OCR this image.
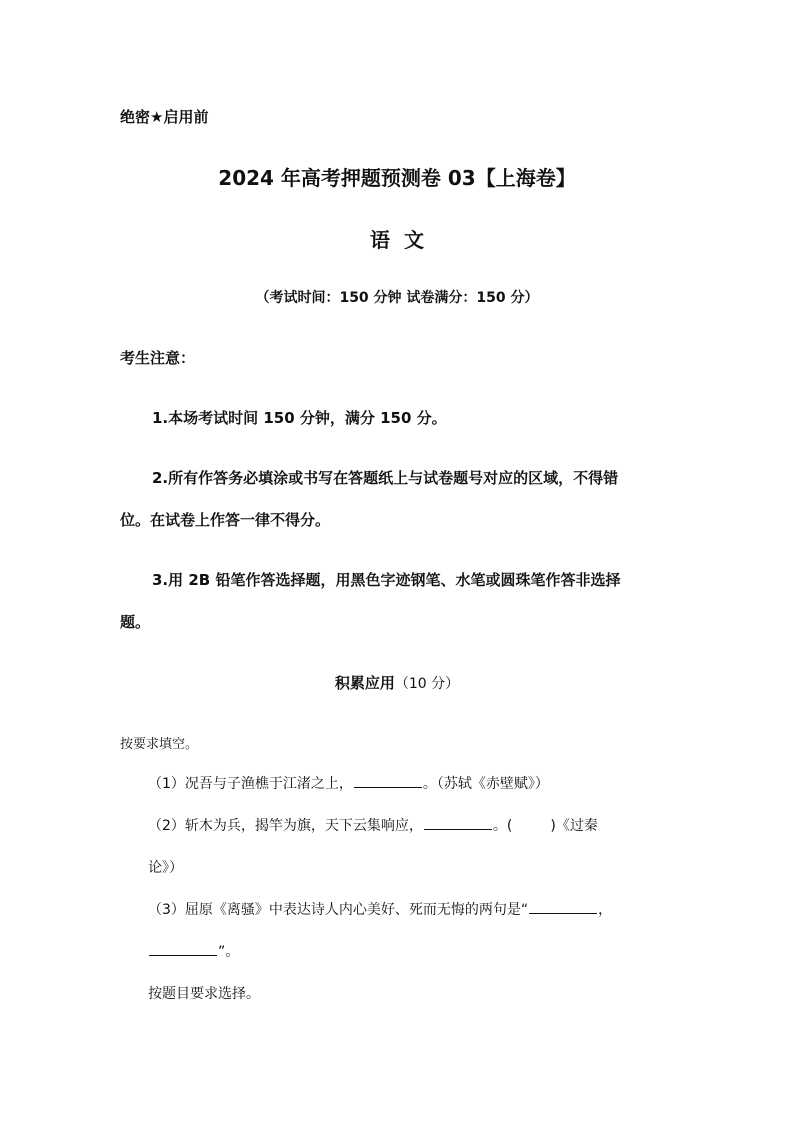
绝密★启用前
2024 年高考押题预测卷 03【上海卷】
语文
（考试时间：150 分钟 试卷满分：150 分）
考生注意：
1.本场考试时间 150 分钟，满分 150 分。
2.所有作答务必填涂或书写在答题纸上与试卷题号对应的区域，不得错
位。在试卷上作答一律不得分。
3.用 2B 铅笔作答选择题，用黑色字迹钢笔、水笔或圆珠笔作答非选择
题。
积累应用（10 分）
按要求填空。
（1）况吾与子渔樵于江渚之上，	。（苏轼《赤壁赋》）
（2）斩木为兵，揭竿为旗，天下云集响应，	。(	)《过秦
论》）
（3）屈原《离骚》中表达诗人内心美好、死而无悔的两句是“	，
”。
按题目要求选择。
